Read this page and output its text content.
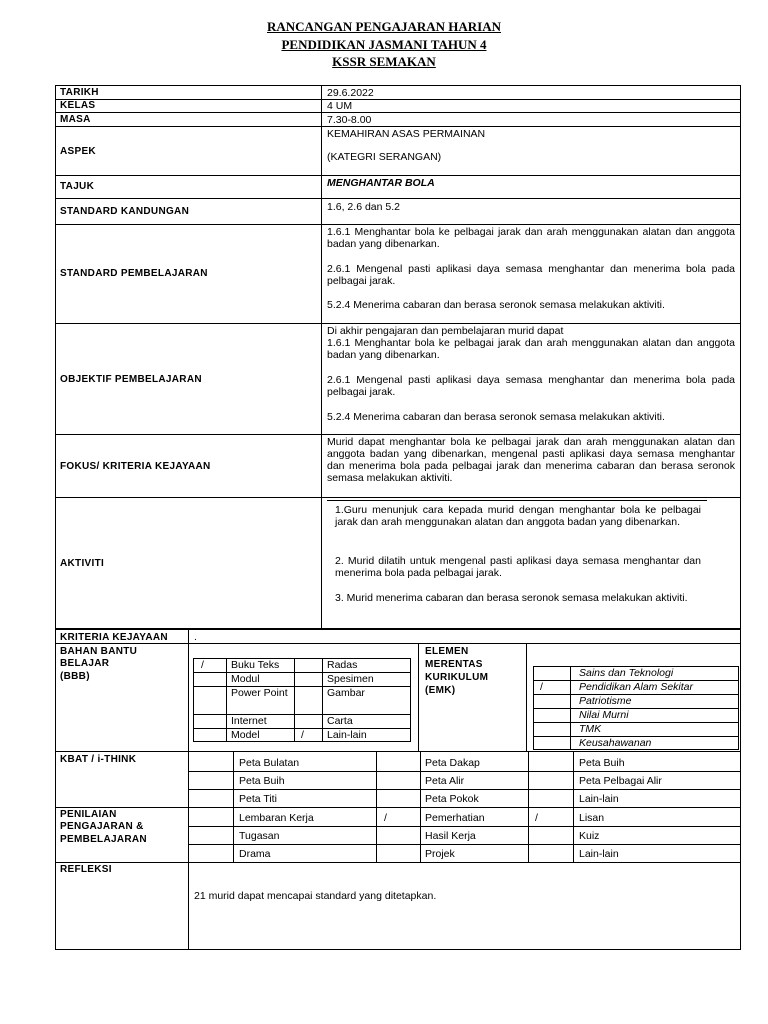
RANCANGAN PENGAJARAN HARIAN
PENDIDIKAN JASMANI TAHUN 4
KSSR SEMAKAN
TARIKH	29.6.2022
KELAS	4 UM
MASA	7.30-8.00
ASPEK
KEMAHIRAN ASAS PERMAINAN
(KATEGRI SERANGAN)
TAJUK	MENGHANTAR BOLA
STANDARD KANDUNGAN	1.6, 2.6 dan 5.2
STANDARD PEMBELAJARAN
1.6.1 Menghantar bola ke pelbagai jarak dan arah menggunakan alatan dan anggota badan yang dibenarkan.
2.6.1 Mengenal pasti aplikasi daya semasa menghantar dan menerima bola pada pelbagai jarak.
5.2.4 Menerima cabaran dan berasa seronok semasa melakukan aktiviti.
OBJEKTIF PEMBELAJARAN
Di akhir pengajaran dan pembelajaran murid dapat
1.6.1 Menghantar bola ke pelbagai jarak dan arah menggunakan alatan dan anggota badan yang dibenarkan.
2.6.1 Mengenal pasti aplikasi daya semasa menghantar dan menerima bola pada pelbagai jarak.
5.2.4 Menerima cabaran dan berasa seronok semasa melakukan aktiviti.
FOKUS/ KRITERIA KEJAYAAN
Murid dapat menghantar bola ke pelbagai jarak dan arah menggunakan alatan dan anggota badan yang dibenarkan, mengenal pasti aplikasi daya semasa menghantar dan menerima bola pada pelbagai jarak dan menerima cabaran dan berasa seronok semasa melakukan aktiviti.
AKTIVITI
1.Guru menunjuk cara kepada murid dengan menghantar bola ke pelbagai jarak dan arah menggunakan alatan dan anggota badan yang dibenarkan.
2. Murid dilatih untuk mengenal pasti aplikasi daya semasa menghantar dan menerima bola pada pelbagai jarak.
3. Murid menerima cabaran dan berasa seronok semasa melakukan aktiviti.
KRITERIA KEJAYAAN .
BAHAN BANTU
BELAJAR
(BBB)
/	Buku Teks	Radas
Modul	Spesimen
Power Point	Gambar
Internet	Carta
Model	/ Lain-lain
ELEMEN
MERENTAS
KURIKULUM
(EMK)
Sains dan Teknologi
/	Pendidikan Alam Sekitar
Patriotisme
Nilai Murni
TMK
Keusahawanan
KBAT / i-THINK	Peta Bulatan	Peta Dakap	Peta Buih
Peta Buih	Peta Alir	Peta Pelbagai Alir
Peta Titi	Peta Pokok	Lain-lain
PENILAIAN
PENGAJARAN &
PEMBELAJARAN
Lembaran Kerja	/	Pemerhatian	/	Lisan
Tugasan	Hasil Kerja	Kuiz
Drama	Projek	Lain-lain
REFLEKSI
21 murid dapat mencapai standard yang ditetapkan.
